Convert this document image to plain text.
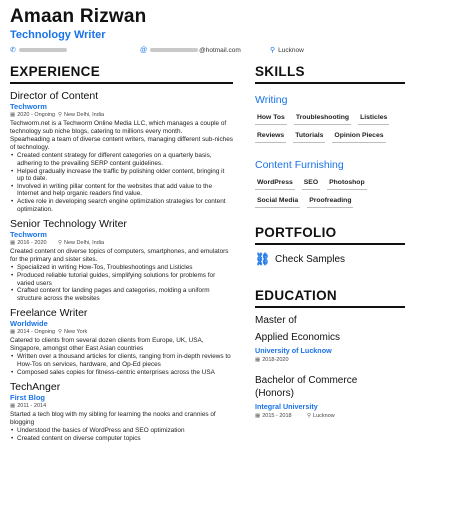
Amaan Rizwan
Technology Writer
✆	@	@hotmail.com	⚲ Lucknow
EXPERIENCE
Director of Content
Techworm
▦ 2020 - Ongoing ⚲ New Delhi, India
Techworm.net is a Techworm Online Media LLC, which manages a couple of technology sub niche blogs, catering to millions every month.
Spearheading a team of diverse content writers, managing different sub-niches of technology.
• Created content strategy for different categories on a quarterly basis, adhering to the prevailing SERP content guidelines.
• Helped gradually increase the traffic by polishing older content, bringing it up to date.
• Involved in writing pillar content for the websites that add value to the Internet and help organic readers find value.
• Active role in developing search engine optimization strategies for content optimization.
Senior Technology Writer
Techworm
▦ 2016 - 2020 ⚲ New Delhi, India
Created content on diverse topics of computers, smartphones, and emulators for the primary and sister sites.
• Specialized in writing How-Tos, Troubleshootings and Listicles
• Produced reliable tutorial guides, simplifying solutions for problems for varied users
• Crafted content for landing pages and categories, molding a uniform structure across the websites
Freelance Writer
Worldwide
▦ 2014 - Ongoing ⚲ New York
Catered to clients from several dozen clients from Europe, UK, USA, Singapore, amongst other East Asian countries
• Written over a thousand articles for clients, ranging from in-depth reviews to How-Tos on services, hardware, and Op-Ed pieces
• Composed sales copies for fitness-centric enterprises across the USA
TechAnger
First Blog
▦ 2011 - 2014
Started a tech blog with my sibling for learning the nooks and crannies of blogging
• Understood the basics of WordPress and SEO optimization
• Created content on diverse computer topics
SKILLS
Writing
How Tos Troubleshooting Listicles
Reviews Tutorials Opinion Pieces
Content Furnishing
WordPress SEO Photoshop
Social Media Proofreading
PORTFOLIO
⛓ Check Samples
EDUCATION
Master of
Applied Economics
University of Lucknow
▦ 2018-2020
Bachelor of Commerce
(Honors)
Integral University
▦ 2015 - 2018	⚲ Lucknow
